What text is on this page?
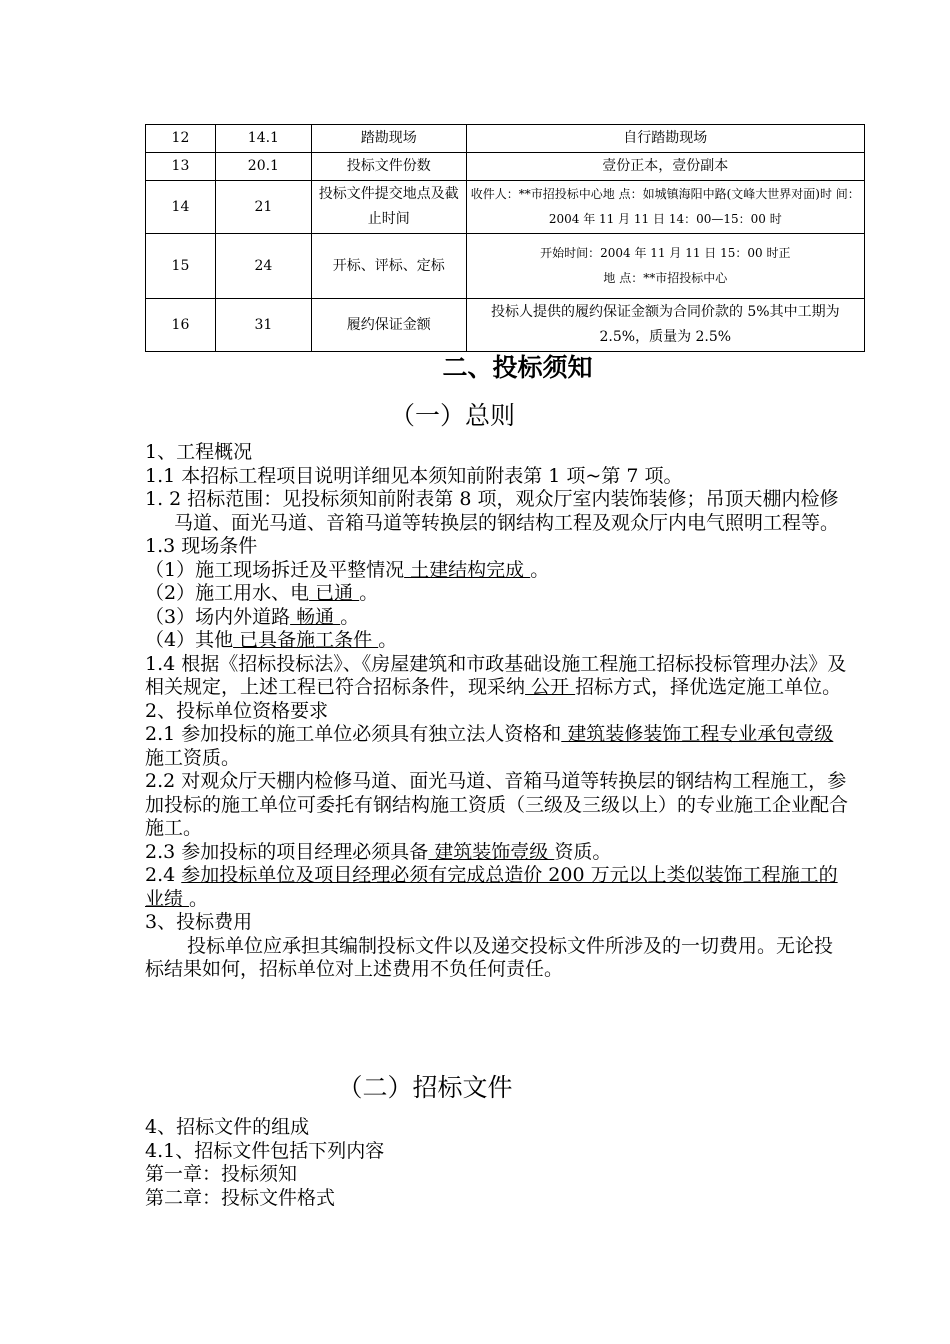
12	14.1	踏勘现场	自行踏勘现场
13	20.1	投标文件份数	壹份正本，壹份副本
14	21	投标文件提交地点及截止时间	收件人：**市招投标中心地 点：如城镇海阳中路(文峰大世界对面)时 间：2004 年 11 月 11 日 14：00—15：00 时
15	24	开标、评标、定标	开始时间：2004 年 11 月 11 日 15：00 时正
地 点：**市招投标中心

16	31	履约保证金额	投标人提供的履约保证金额为合同价款的 5%其中工期为 2.5%，质量为 2.5%
二、投标须知
（一）总则

1、工程概况

1.1 本招标工程项目说明详细见本须知前附表第 1 项~第 7 项。

1. 2 招标范围：见投标须知前附表第 8 项，观众厅室内装饰装修；吊顶天棚内检修马道、面光马道、音箱马道等转换层的钢结构工程及观众厅内电气照明工程等。

1.3 现场条件

（1）施工现场拆迁及平整情况 土建结构完成 。

（2）施工用水、电 已通 。

（3）场内外道路 畅通 。

（4）其他 已具备施工条件 。

1.4 根据《招标投标法》、《房屋建筑和市政基础设施工程施工招标投标管理办法》及相关规定，上述工程已符合招标条件，现采纳 公开 招标方式，择优选定施工单位。

2、投标单位资格要求

2.1 参加投标的施工单位必须具有独立法人资格和 建筑装修装饰工程专业承包壹级 施工资质。

2.2 对观众厅天棚内检修马道、面光马道、音箱马道等转换层的钢结构工程施工，参加投标的施工单位可委托有钢结构施工资质（三级及三级以上）的专业施工企业配合施工。

2.3 参加投标的项目经理必须具备 建筑装饰壹级 资质。

2.4 参加投标单位及项目经理必须有完成总造价 200 万元以上类似装饰工程施工的业绩 。

3、投标费用

投标单位应承担其编制投标文件以及递交投标文件所涉及的一切费用。无论投标结果如何，招标单位对上述费用不负任何责任。

（二）招标文件

4、招标文件的组成

4.1、招标文件包括下列内容

第一章：投标须知

第二章：投标文件格式
